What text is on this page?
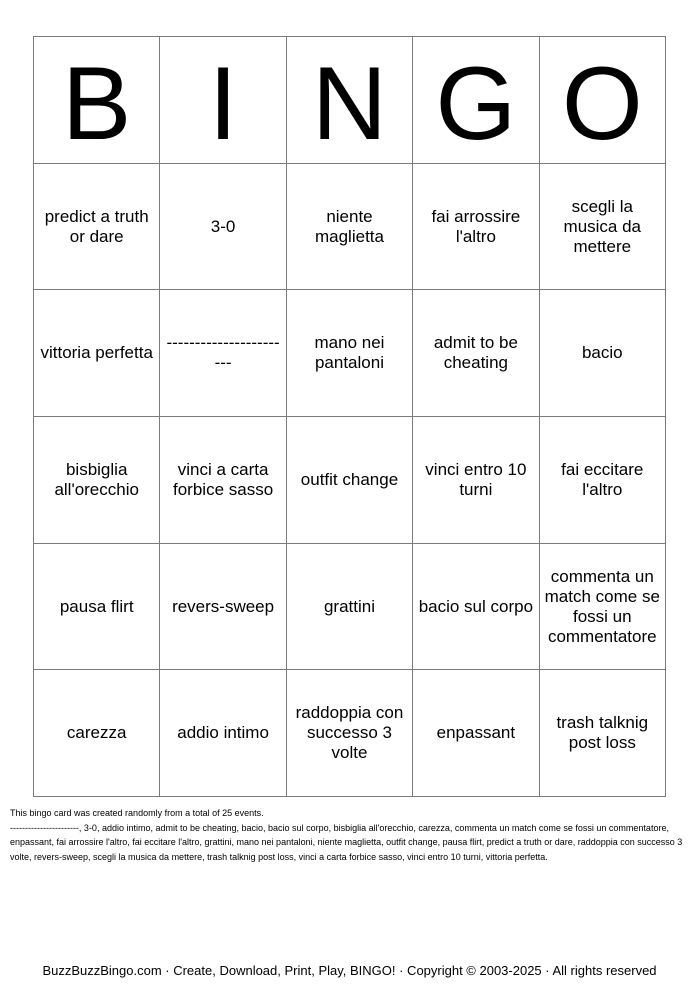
B	I	N	G	O
predict a truth or dare	3-0	niente maglietta	fai arrossire l'altro	scegli la musica da mettere
vittoria perfetta	-----------------------	mano nei pantaloni	admit to be cheating	bacio
bisbiglia all'orecchio	vinci a carta forbice sasso	outfit change	vinci entro 10 turni	fai eccitare l'altro
pausa flirt	revers-sweep	grattini	bacio sul corpo	commenta un match come se fossi un commentatore
carezza	addio intimo	raddoppia con successo 3 volte	enpassant	trash talknig post loss

This bingo card was created randomly from a total of 25 events.

-----------------------, 3-0, addio intimo, admit to be cheating, bacio, bacio sul corpo, bisbiglia all'orecchio, carezza, commenta un match come se fossi un commentatore, enpassant, fai arrossire l'altro, fai eccitare l'altro, grattini, mano nei pantaloni, niente maglietta, outfit change, pausa flirt, predict a truth or dare, raddoppia con successo 3 volte, revers-sweep, scegli la musica da mettere, trash talknig post loss, vinci a carta forbice sasso, vinci entro 10 turni, vittoria perfetta.

BuzzBuzzBingo.com · Create, Download, Print, Play, BINGO! · Copyright © 2003-2025 · All rights reserved
